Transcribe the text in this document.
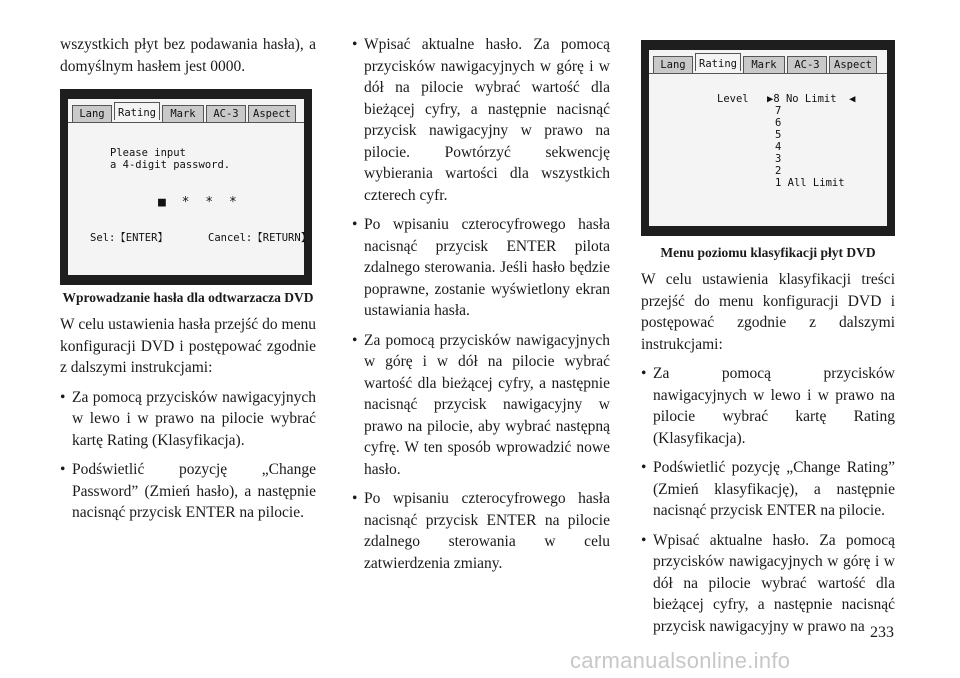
wszystkich płyt bez podawania hasła), a domyślnym hasłem jest 0000.

Lang	Rating	Mark	AC-3	Aspect
Please input
a 4-digit password.
■ * * *
Sel:【ENTER】	Cancel:【RETURN】
Wprowadzanie hasła dla odtwarzacza DVD

W celu ustawienia hasła przejść do menu konfiguracji DVD i postępować zgodnie z dalszymi instrukcjami:

• Za pomocą przycisków nawigacyjnych w lewo i w prawo na pilocie wybrać kartę Rating (Klasyfikacja).
• Podświetlić pozycję „Change Password” (Zmień hasło), a następnie nacisnąć przycisk ENTER na pilocie.
• Wpisać aktualne hasło. Za pomocą przycisków nawigacyjnych w górę i w dół na pilocie wybrać wartość dla bieżącej cyfry, a następnie nacisnąć przycisk nawigacyjny w prawo na pilocie. Powtórzyć sekwencję wybierania wartości dla wszystkich czterech cyfr.
• Po wpisaniu czterocyfrowego hasła nacisnąć przycisk ENTER pilota zdalnego sterowania. Jeśli hasło będzie poprawne, zostanie wyświetlony ekran ustawiania hasła.
• Za pomocą przycisków nawigacyjnych w górę i w dół na pilocie wybrać wartość dla bieżącej cyfry, a następnie nacisnąć przycisk nawigacyjny w prawo na pilocie, aby wybrać następną cyfrę. W ten sposób wprowadzić nowe hasło.
• Po wpisaniu czterocyfrowego hasła nacisnąć przycisk ENTER na pilocie zdalnego sterowania w celu zatwierdzenia zmiany.
Lang	Rating	Mark	AC-3	Aspect
Level ▶8 No Limit  ◀
7
6
5
4
3
2
1 All Limit
Menu poziomu klasyfikacji płyt DVD

W celu ustawienia klasyfikacji treści przejść do menu konfiguracji DVD i postępować zgodnie z dalszymi instrukcjami:

• Za pomocą przycisków nawigacyjnych w lewo i w prawo na pilocie wybrać kartę Rating (Klasyfikacja).
• Podświetlić pozycję „Change Rating” (Zmień klasyfikację), a następnie nacisnąć przycisk ENTER na pilocie.
• Wpisać aktualne hasło. Za pomocą przycisków nawigacyjnych w górę i w dół na pilocie wybrać wartość dla bieżącej cyfry, a następnie nacisnąć przycisk nawigacyjny w prawo na 233
carmanualsonline.info
